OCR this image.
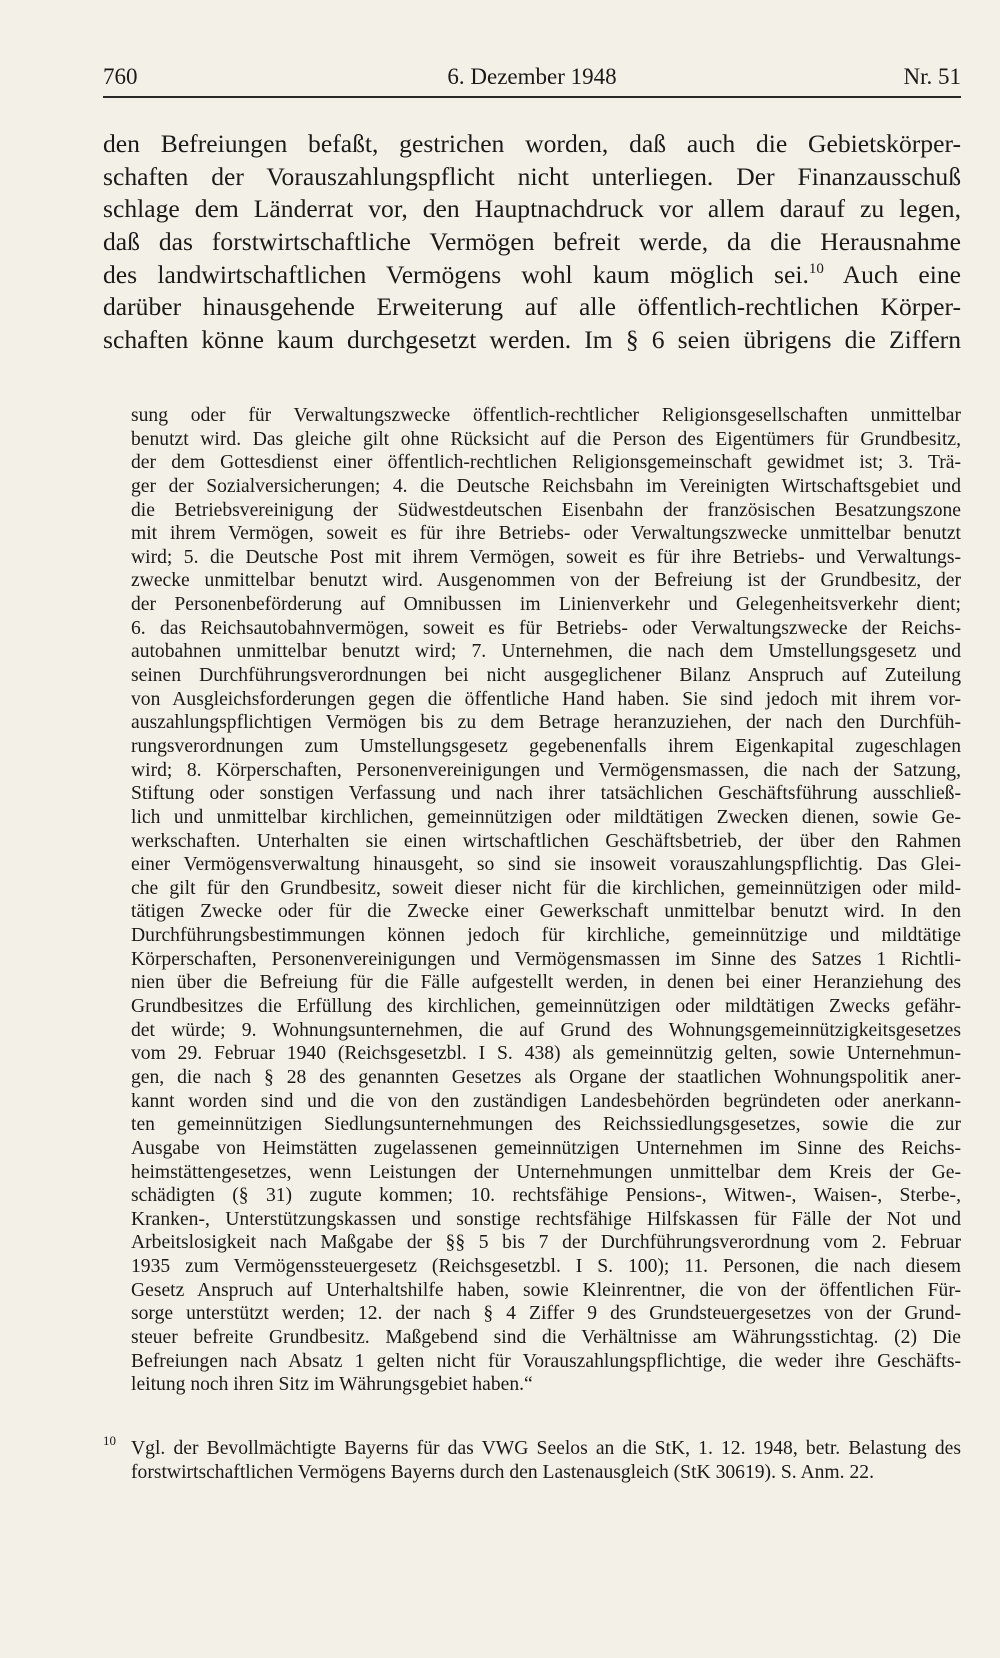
760	6. Dezember 1948	Nr. 51
den Befreiungen befaßt, gestrichen worden, daß auch die Gebietskörper-
schaften der Vorauszahlungspflicht nicht unterliegen. Der Finanzausschuß
schlage dem Länderrat vor, den Hauptnachdruck vor allem darauf zu legen,
daß das forstwirtschaftliche Vermögen befreit werde, da die Herausnahme
des landwirtschaftlichen Vermögens wohl kaum möglich sei.$^{10}$ Auch eine
darüber hinausgehende Erweiterung auf alle öffentlich-rechtlichen Körper-
schaften könne kaum durchgesetzt werden. Im § 6 seien übrigens die Ziffern
sung oder für Verwaltungszwecke öffentlich-rechtlicher Religionsgesellschaften unmittelbar
benutzt wird. Das gleiche gilt ohne Rücksicht auf die Person des Eigentümers für Grundbesitz,
der dem Gottesdienst einer öffentlich-rechtlichen Religionsgemeinschaft gewidmet ist; 3. Trä-
ger der Sozialversicherungen; 4. die Deutsche Reichsbahn im Vereinigten Wirtschaftsgebiet und
die Betriebsvereinigung der Südwestdeutschen Eisenbahn der französischen Besatzungszone
mit ihrem Vermögen, soweit es für ihre Betriebs- oder Verwaltungszwecke unmittelbar benutzt
wird; 5. die Deutsche Post mit ihrem Vermögen, soweit es für ihre Betriebs- und Verwaltungs-
zwecke unmittelbar benutzt wird. Ausgenommen von der Befreiung ist der Grundbesitz, der
der Personenbeförderung auf Omnibussen im Linienverkehr und Gelegenheitsverkehr dient;
6. das Reichsautobahnvermögen, soweit es für Betriebs- oder Verwaltungszwecke der Reichs-
autobahnen unmittelbar benutzt wird; 7. Unternehmen, die nach dem Umstellungsgesetz und
seinen Durchführungsverordnungen bei nicht ausgeglichener Bilanz Anspruch auf Zuteilung
von Ausgleichsforderungen gegen die öffentliche Hand haben. Sie sind jedoch mit ihrem vor-
auszahlungspflichtigen Vermögen bis zu dem Betrage heranzuziehen, der nach den Durchfüh-
rungsverordnungen zum Umstellungsgesetz gegebenenfalls ihrem Eigenkapital zugeschlagen
wird; 8. Körperschaften, Personenvereinigungen und Vermögensmassen, die nach der Satzung,
Stiftung oder sonstigen Verfassung und nach ihrer tatsächlichen Geschäftsführung ausschließ-
lich und unmittelbar kirchlichen, gemeinnützigen oder mildtätigen Zwecken dienen, sowie Ge-
werkschaften. Unterhalten sie einen wirtschaftlichen Geschäftsbetrieb, der über den Rahmen
einer Vermögensverwaltung hinausgeht, so sind sie insoweit vorauszahlungspflichtig. Das Glei-
che gilt für den Grundbesitz, soweit dieser nicht für die kirchlichen, gemeinnützigen oder mild-
tätigen Zwecke oder für die Zwecke einer Gewerkschaft unmittelbar benutzt wird. In den
Durchführungsbestimmungen können jedoch für kirchliche, gemeinnützige und mildtätige
Körperschaften, Personenvereinigungen und Vermögensmassen im Sinne des Satzes 1 Richtli-
nien über die Befreiung für die Fälle aufgestellt werden, in denen bei einer Heranziehung des
Grundbesitzes die Erfüllung des kirchlichen, gemeinnützigen oder mildtätigen Zwecks gefähr-
det würde; 9. Wohnungsunternehmen, die auf Grund des Wohnungsgemeinnützigkeitsgesetzes
vom 29. Februar 1940 (Reichsgesetzbl. I S. 438) als gemeinnützig gelten, sowie Unternehmun-
gen, die nach § 28 des genannten Gesetzes als Organe der staatlichen Wohnungspolitik aner-
kannt worden sind und die von den zuständigen Landesbehörden begründeten oder anerkann-
ten gemeinnützigen Siedlungsunternehmungen des Reichssiedlungsgesetzes, sowie die zur
Ausgabe von Heimstätten zugelassenen gemeinnützigen Unternehmen im Sinne des Reichs-
heimstättengesetzes, wenn Leistungen der Unternehmungen unmittelbar dem Kreis der Ge-
schädigten (§ 31) zugute kommen; 10. rechtsfähige Pensions-, Witwen-, Waisen-, Sterbe-,
Kranken-, Unterstützungskassen und sonstige rechtsfähige Hilfskassen für Fälle der Not und
Arbeitslosigkeit nach Maßgabe der §§ 5 bis 7 der Durchführungsverordnung vom 2. Februar
1935 zum Vermögenssteuergesetz (Reichsgesetzbl. I S. 100); 11. Personen, die nach diesem
Gesetz Anspruch auf Unterhaltshilfe haben, sowie Kleinrentner, die von der öffentlichen Für-
sorge unterstützt werden; 12. der nach § 4 Ziffer 9 des Grundsteuergesetzes von der Grund-
steuer befreite Grundbesitz. Maßgebend sind die Verhältnisse am Währungsstichtag. (2) Die
Befreiungen nach Absatz 1 gelten nicht für Vorauszahlungspflichtige, die weder ihre Geschäfts-
leitung noch ihren Sitz im Währungsgebiet haben.“
10 Vgl. der Bevollmächtigte Bayerns für das VWG Seelos an die StK, 1. 12. 1948, betr. Belastung des
forstwirtschaftlichen Vermögens Bayerns durch den Lastenausgleich (StK 30619). S. Anm. 22.
